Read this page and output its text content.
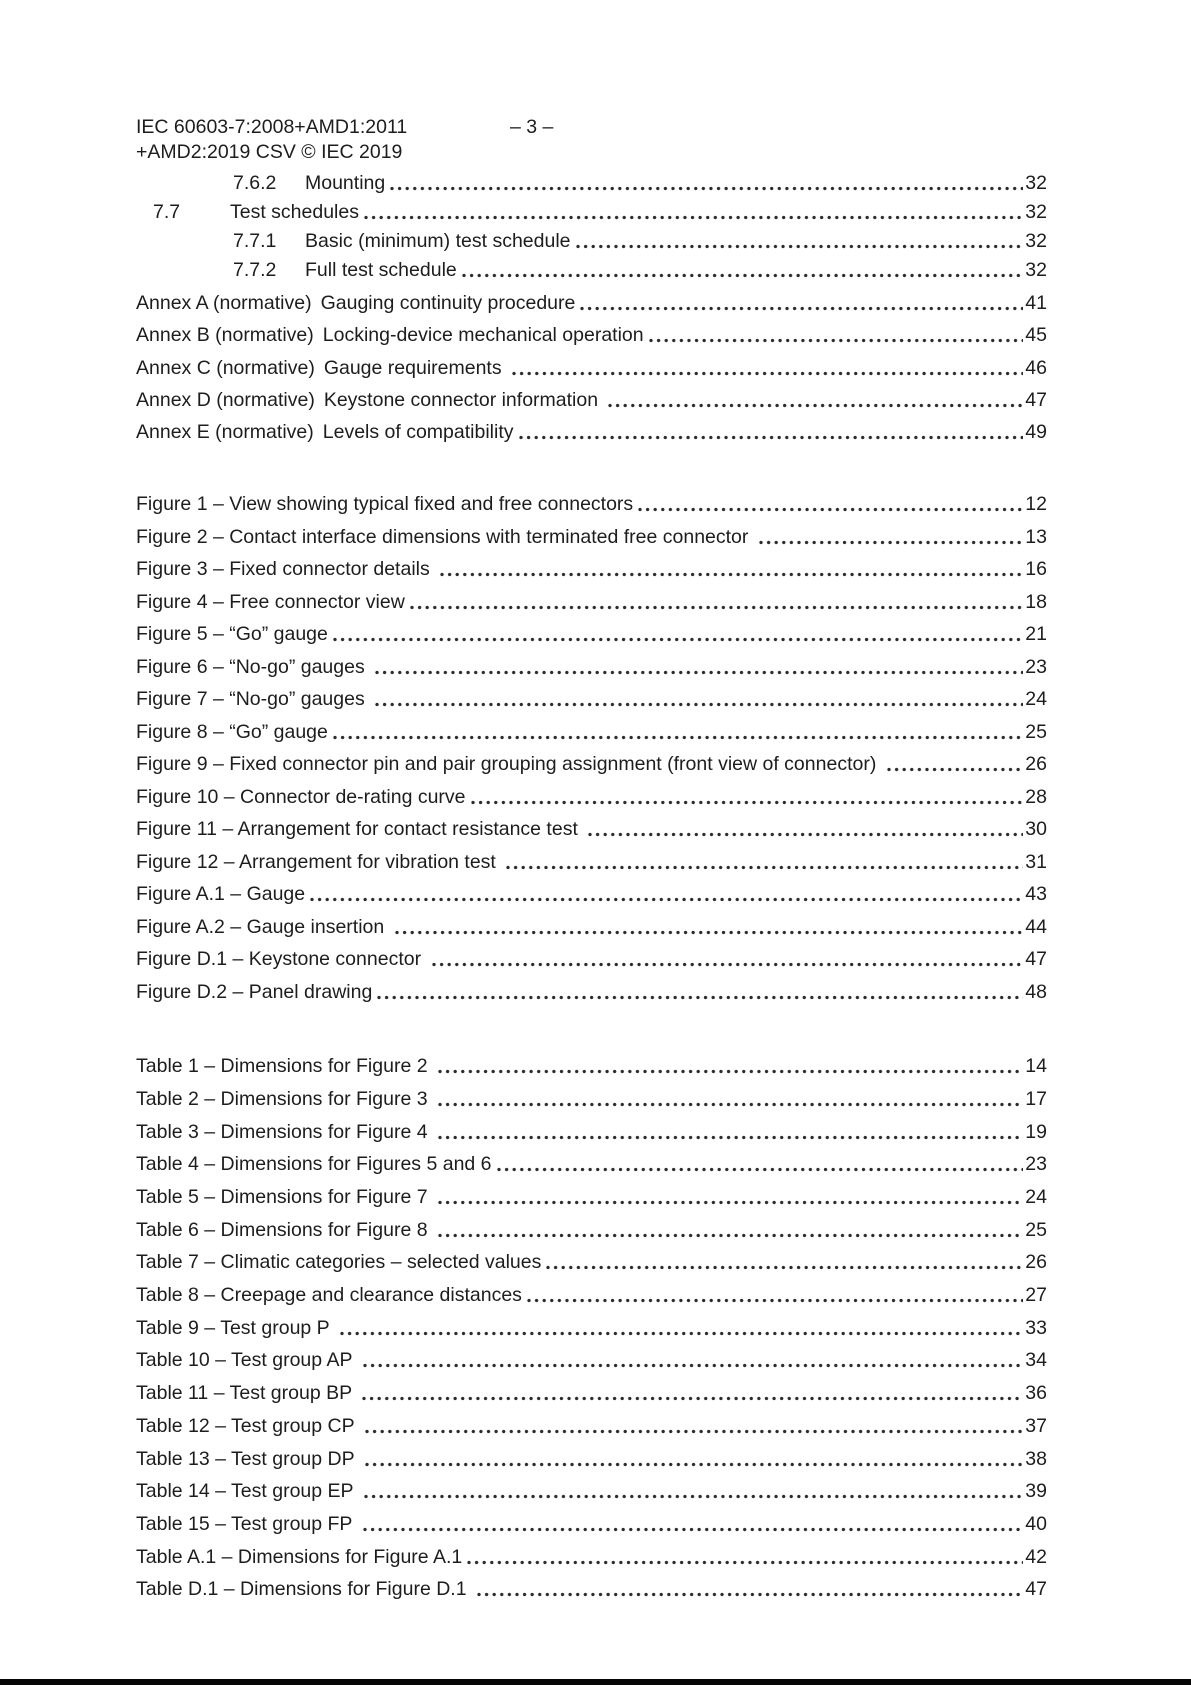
IEC 60603-7:2008+AMD1:2011	– 3 –
+AMD2:2019 CSV © IEC 2019
7.6.2	Mounting	32
7.7	Test schedules	32
7.7.1	Basic (minimum) test schedule	32
7.7.2	Full test schedule	32
Annex A (normative) Gauging continuity procedure	41
Annex B (normative) Locking-device mechanical operation	45
Annex C (normative) Gauge requirements	46
Annex D (normative) Keystone connector information	47
Annex E (normative) Levels of compatibility	49
Figure 1 – View showing typical fixed and free connectors	12
Figure 2 – Contact interface dimensions with terminated free connector	13
Figure 3 – Fixed connector details	16
Figure 4 – Free connector view	18
Figure 5 – “Go” gauge	21
Figure 6 – “No-go” gauges	23
Figure 7 – “No-go” gauges	24
Figure 8 – “Go” gauge	25
Figure 9 – Fixed connector pin and pair grouping assignment (front view of connector)	26
Figure 10 – Connector de-rating curve	28
Figure 11 – Arrangement for contact resistance test	30
Figure 12 – Arrangement for vibration test	31
Figure A.1 – Gauge	43
Figure A.2 – Gauge insertion	44
Figure D.1 – Keystone connector	47
Figure D.2 – Panel drawing	48
Table 1 – Dimensions for Figure 2	14
Table 2 – Dimensions for Figure 3	17
Table 3 – Dimensions for Figure 4	19
Table 4 – Dimensions for Figures 5 and 6	23
Table 5 – Dimensions for Figure 7	24
Table 6 – Dimensions for Figure 8	25
Table 7 – Climatic categories – selected values	26
Table 8 – Creepage and clearance distances	27
Table 9 – Test group P	33
Table 10 – Test group AP	34
Table 11 – Test group BP	36
Table 12 – Test group CP	37
Table 13 – Test group DP	38
Table 14 – Test group EP	39
Table 15 – Test group FP	40
Table A.1 – Dimensions for Figure A.1	42
Table D.1 – Dimensions for Figure D.1	47
